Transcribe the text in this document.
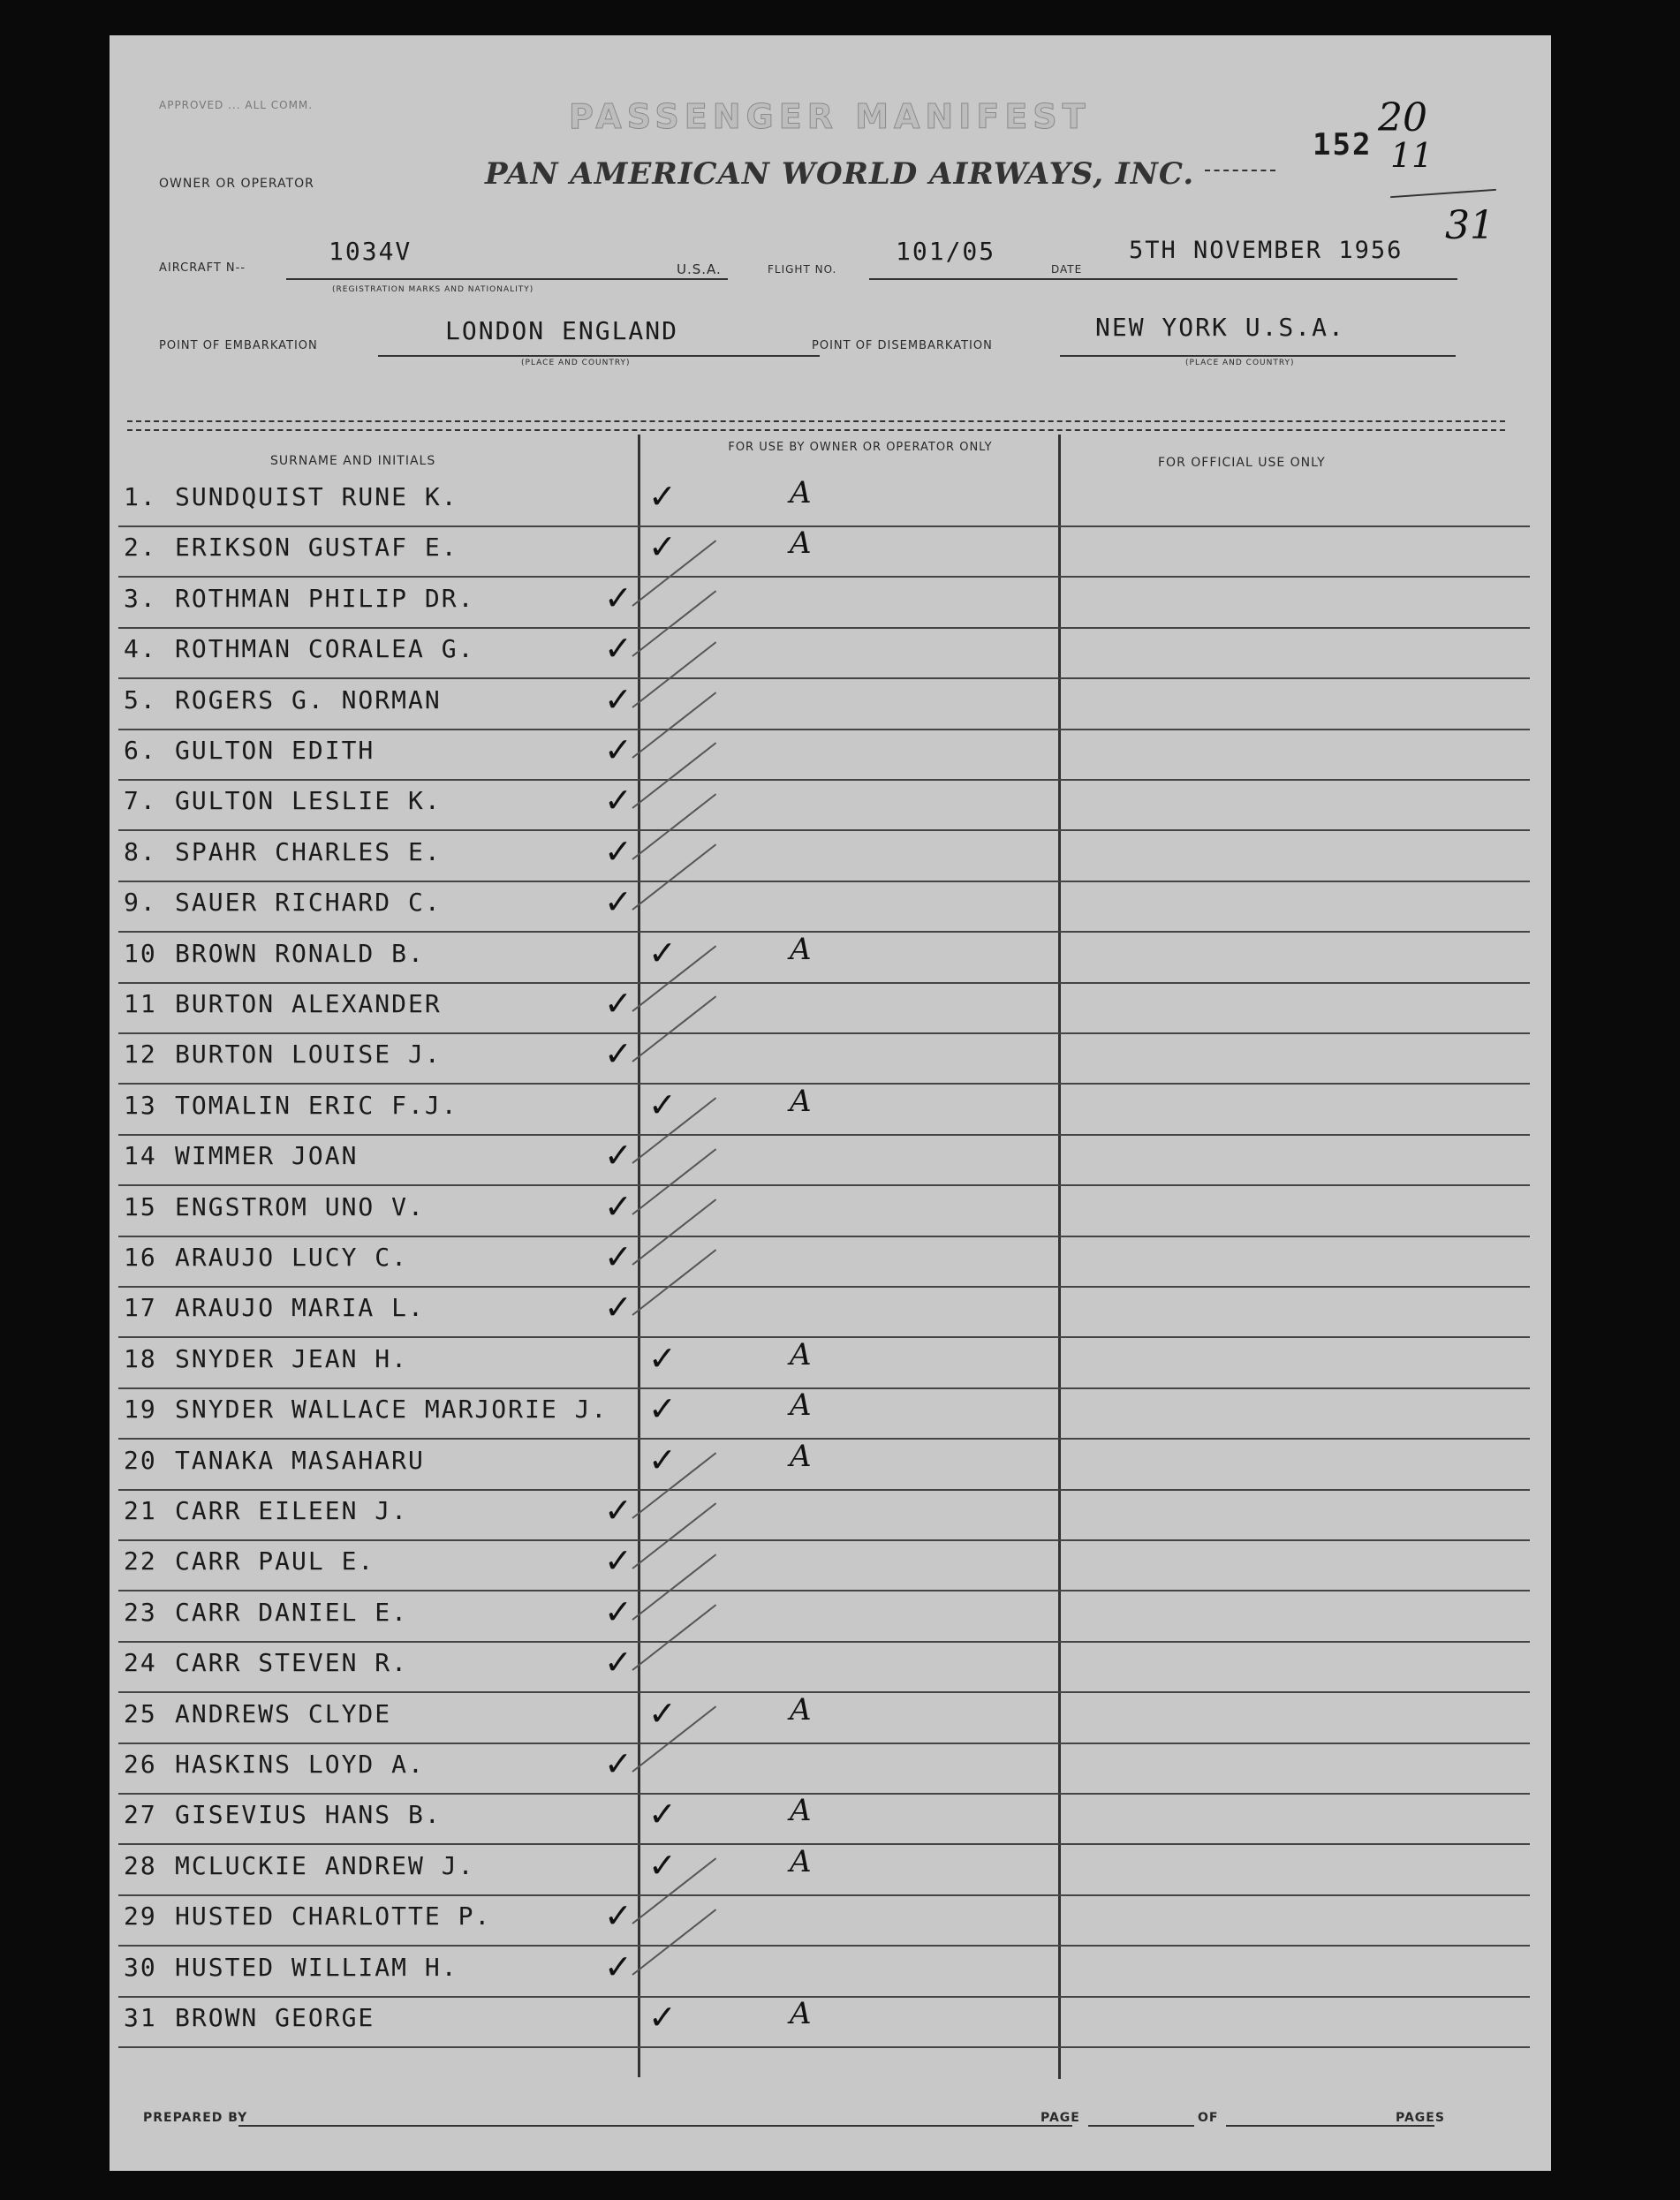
APPROVED ... ALL COMM.	PASSENGER MANIFEST
OWNER OR OPERATOR	PAN AMERICAN WORLD AIRWAYS, INC.
152
20
11
31
AIRCRAFT N--
1034V
(REGISTRATION MARKS AND NATIONALITY)
U.S.A.	FLIGHT NO.
101/05
DATE
5TH NOVEMBER 1956
POINT OF EMBARKATION
LONDON ENGLAND
(PLACE AND COUNTRY)
POINT OF DISEMBARKATION
NEW YORK U.S.A.
(PLACE AND COUNTRY)
SURNAME AND INITIALS
FOR USE BY OWNER OR OPERATOR ONLY
FOR OFFICIAL USE ONLY
1. SUNDQUIST RUNE K.	✓	A
2. ERIKSON GUSTAF E.	✓	A
3. ROTHMAN PHILIP DR.	✓
4. ROTHMAN CORALEA G.	✓
5. ROGERS G. NORMAN	✓
6. GULTON EDITH	✓
7. GULTON LESLIE K.	✓
8. SPAHR CHARLES E.	✓
9. SAUER RICHARD C.	✓
10 BROWN RONALD B.	✓	A
11 BURTON ALEXANDER	✓
12 BURTON LOUISE J.	✓
13 TOMALIN ERIC F.J.	✓	A
14 WIMMER JOAN	✓
15 ENGSTROM UNO V.	✓
16 ARAUJO LUCY C.	✓
17 ARAUJO MARIA L.	✓
18 SNYDER JEAN H.	✓	A
19 SNYDER WALLACE MARJORIE J. ✓	A
20 TANAKA MASAHARU	✓	A
21 CARR EILEEN J.	✓
22 CARR PAUL E.	✓
23 CARR DANIEL E.	✓
24 CARR STEVEN R.	✓
25 ANDREWS CLYDE	✓	A
26 HASKINS LOYD A.	✓
27 GISEVIUS HANS B.	✓	A
28 MCLUCKIE ANDREW J.	✓	A
29 HUSTED CHARLOTTE P.	✓
30 HUSTED WILLIAM H.	✓
31 BROWN GEORGE	✓	A
PREPARED BY	PAGE	OF	PAGES
